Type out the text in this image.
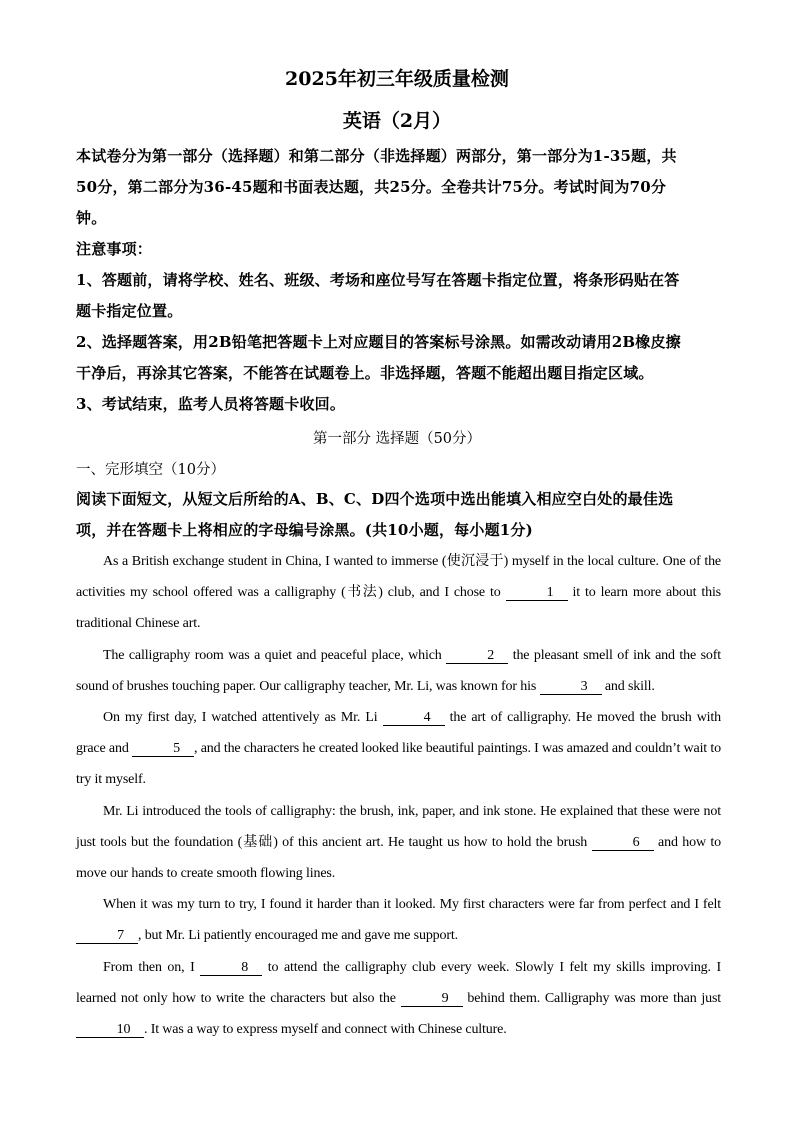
2025年初三年级质量检测
英语（2月）
本试卷分为第一部分（选择题）和第二部分（非选择题）两部分，第一部分为1-35题，共
50分，第二部分为36-45题和书面表达题，共25分。全卷共计75分。考试时间为70分
钟。
注意事项：
1、答题前，请将学校、姓名、班级、考场和座位号写在答题卡指定位置，将条形码贴在答
题卡指定位置。
2、选择题答案，用2B铅笔把答题卡上对应题目的答案标号涂黑。如需改动请用2B橡皮擦
干净后，再涂其它答案，不能答在试题卷上。非选择题，答题不能超出题目指定区域。
3、考试结束，监考人员将答题卡收回。
第一部分 选择题（50分）
一、完形填空（10分）
阅读下面短文，从短文后所给的A、B、C、D四个选项中选出能填入相应空白处的最佳选
项，并在答题卡上将相应的字母编号涂黑。(共10小题，每小题1分)

As a British exchange student in China, I wanted to immerse (使沉浸于) myself in the local culture. One of the activities my school offered was a calligraphy (书法) club, and I chose to	1 it to learn more about this traditional Chinese art.

The calligraphy room was a quiet and peaceful place, which	2 the pleasant smell of ink and the soft sound of brushes touching paper. Our calligraphy teacher, Mr. Li, was known for his	3 and skill.

On my first day, I watched attentively as Mr. Li	4 the art of calligraphy. He moved the brush with grace and	5 , and the characters he created looked like beautiful paintings. I was amazed and couldn’t wait to try it myself.

Mr. Li introduced the tools of calligraphy: the brush, ink, paper, and ink stone. He explained that these were not just tools but the foundation (基础) of this ancient art. He taught us how to hold the brush	6 and how to move our hands to create smooth flowing lines.

When it was my turn to try, I found it harder than it looked. My first characters were far from perfect and I felt 7 , but Mr. Li patiently encouraged me and gave me support.

From then on, I	8 to attend the calligraphy club every week. Slowly I felt my skills improving. I learned not only how to write the characters but also the	9 behind them. Calligraphy was more than just 10 . It was a way to express myself and connect with Chinese culture.
